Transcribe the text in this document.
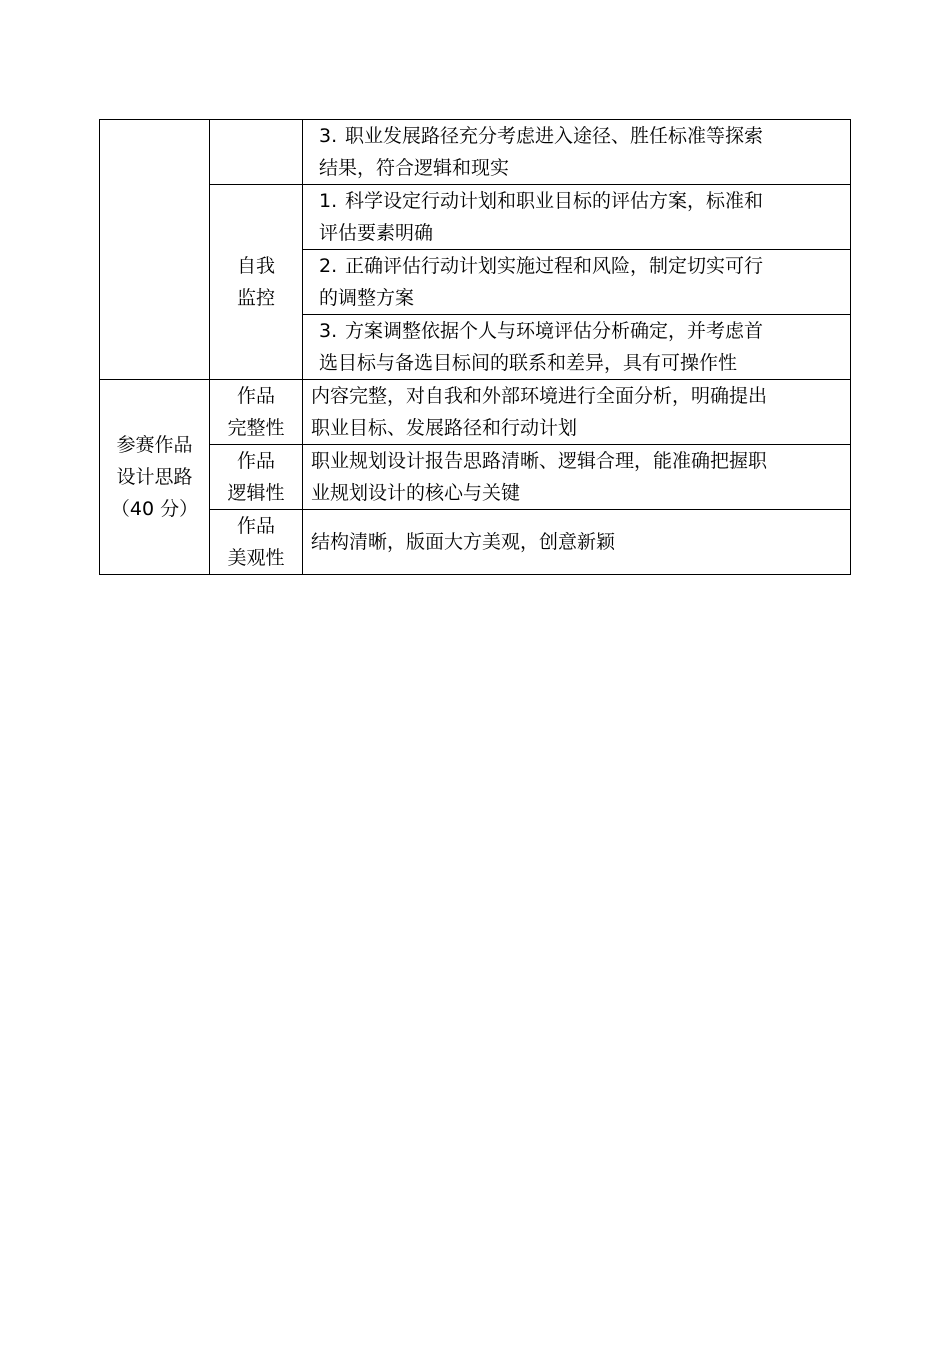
		3. 职业发展路径充分考虑进入途径、胜任标准等探索
结果，符合逻辑和现实

	自我
监控	1. 科学设定行动计划和职业目标的评估方案，标准和
评估要素明确

		2. 正确评估行动计划实施过程和风险，制定切实可行
的调整方案

		3. 方案调整依据个人与环境评估分析确定，并考虑首
选目标与备选目标间的联系和差异，具有可操作性

参赛作品
设计思路
（40 分）	作品
完整性	内容完整，对自我和外部环境进行全面分析，明确提出
职业目标、发展路径和行动计划

	作品
逻辑性	职业规划设计报告思路清晰、逻辑合理，能准确把握职
业规划设计的核心与关键

	作品
美观性	结构清晰，版面大方美观，创意新颖
